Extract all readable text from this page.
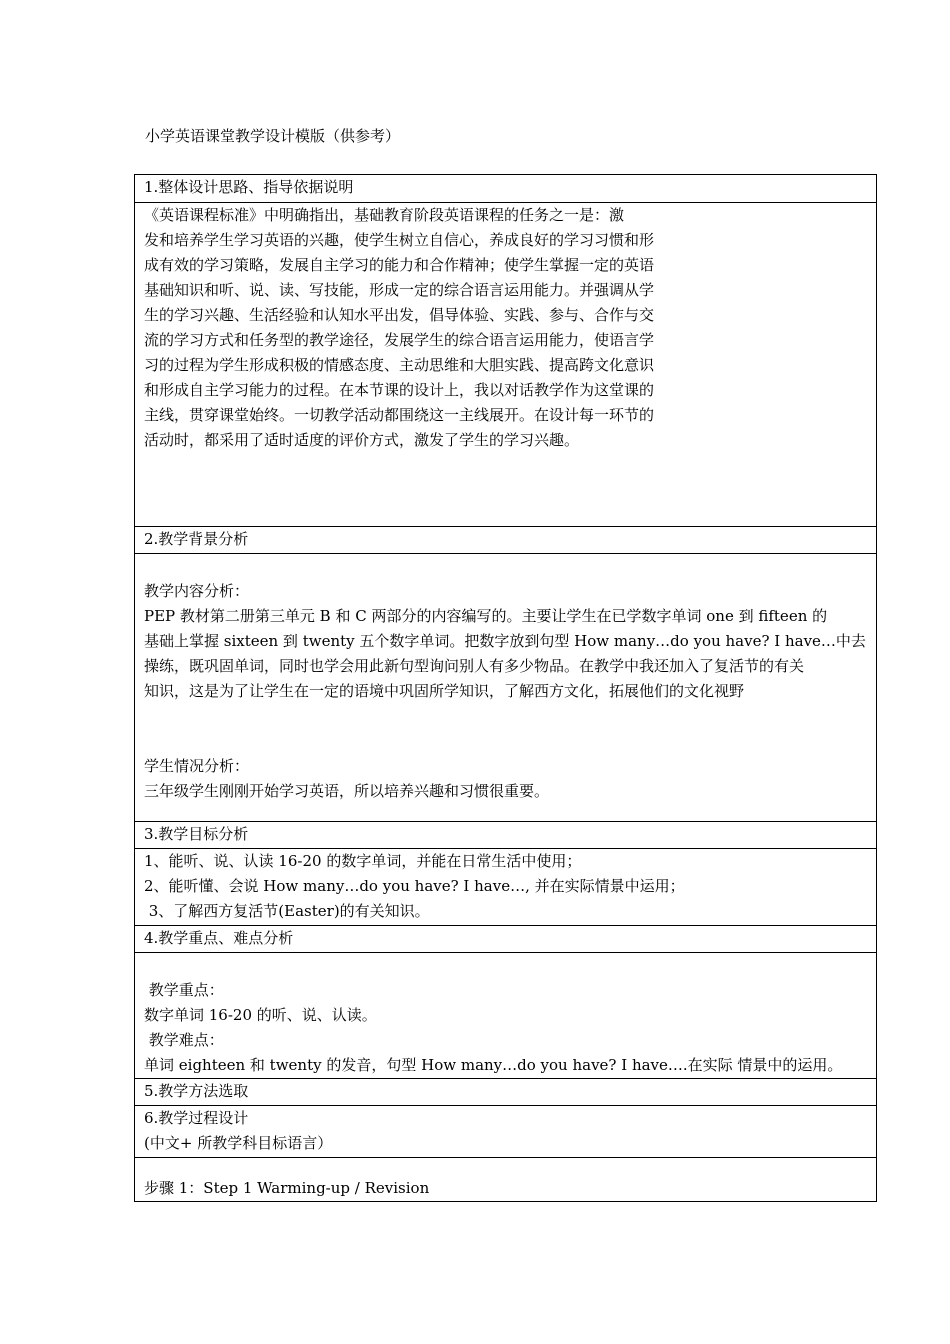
小学英语课堂教学设计模版（供参考）
1.整体设计思路、指导依据说明

《英语课程标准》中明确指出，基础教育阶段英语课程的任务之一是：激
发和培养学生学习英语的兴趣，使学生树立自信心，养成良好的学习习惯和形
成有效的学习策略，发展自主学习的能力和合作精神；使学生掌握一定的英语
基础知识和听、说、读、写技能，形成一定的综合语言运用能力。并强调从学
生的学习兴趣、生活经验和认知水平出发，倡导体验、实践、参与、合作与交
流的学习方式和任务型的教学途径，发展学生的综合语言运用能力，使语言学
习的过程为学生形成积极的情感态度、主动思维和大胆实践、提高跨文化意识
和形成自主学习能力的过程。在本节课的设计上，我以对话教学作为这堂课的
主线，贯穿课堂始终。一切教学活动都围绕这一主线展开。在设计每一环节的
活动时，都采用了适时适度的评价方式，激发了学生的学习兴趣。

2.教学背景分析

教学内容分析：
PEP 教材第二册第三单元 B 和 C 两部分的内容编写的。主要让学生在已学数字单词 one 到 fifteen 的
基础上掌握 sixteen 到 twenty 五个数字单词。把数字放到句型 How many…do you have? I have…中去
操练，既巩固单词，同时也学会用此新句型询问别人有多少物品。在教学中我还加入了复活节的有关
知识，这是为了让学生在一定的语境中巩固所学知识，了解西方文化，拓展他们的文化视野
学生情况分析：
三年级学生刚刚开始学习英语，所以培养兴趣和习惯很重要。

3.教学目标分析

1、能听、说、认读 16-20 的数字单词，并能在日常生活中使用；
2、能听懂、会说 How many…do you have? I have…, 并在实际情景中运用；
3、了解西方复活节(Easter)的有关知识。

4.教学重点、难点分析

教学重点：
数字单词 16-20 的听、说、认读。
教学难点：
单词 eighteen 和 twenty 的发音，句型 How many…do you have? I have….在实际 情景中的运用。

5.教学方法选取

6.教学过程设计
(中文+ 所教学科目标语言）

步骤 1：Step 1 Warming-up / Revision
